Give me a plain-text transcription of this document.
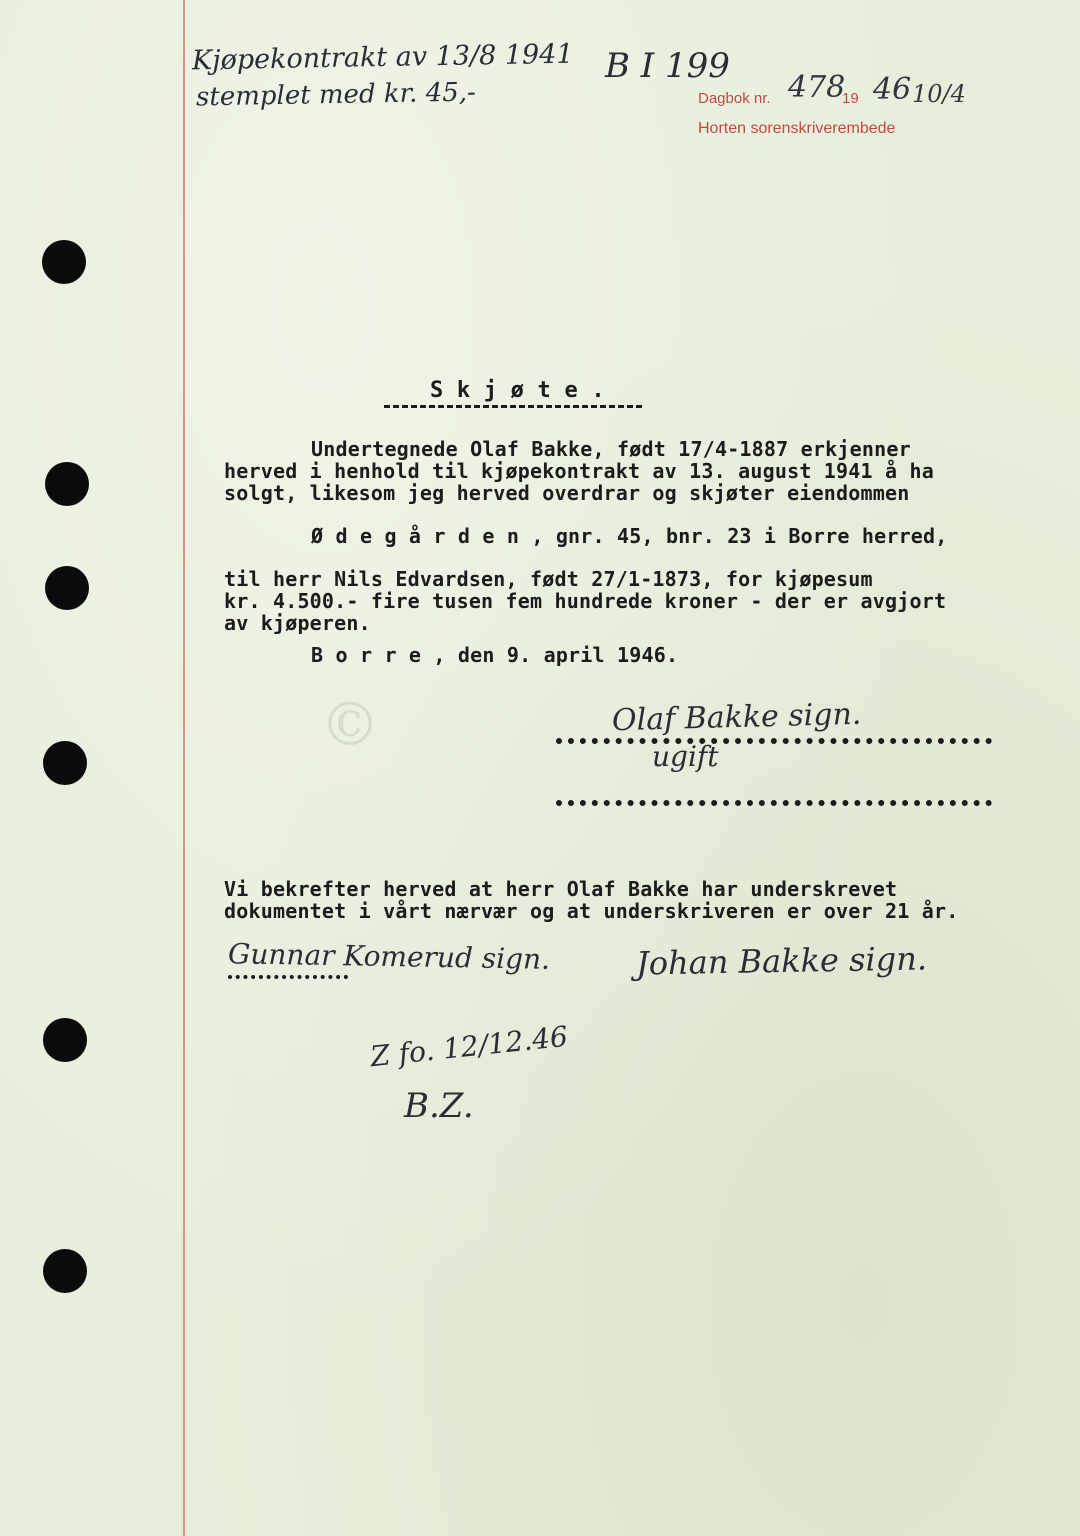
©
Kjøpekontrakt av 13/8 1941
stemplet med kr. 45,-
B I 199
Dagbok nr. 478
19 46 10/4
Horten sorenskriverembede
S k j ø t e .
Undertegnede Olaf Bakke, født 17/4-1887 erkjenner
herved i henhold til kjøpekontrakt av 13. august 1941 å ha
solgt, likesom jeg herved overdrar og skjøter eiendommen
Ø d e g å r d e n , gnr. 45, bnr. 23 i Borre herred,
til herr Nils Edvardsen, født 27/1-1873, for kjøpesum
kr. 4.500.- fire tusen fem hundrede kroner - der er avgjort
av kjøperen.
B o r r e , den 9. april 1946.
Olaf Bakke sign.
ugift
Vi bekrefter herved at herr Olaf Bakke har underskrevet
dokumentet i vårt nærvær og at underskriveren er over 21 år.
Gunnar Komerud sign.	Johan Bakke sign.
Z fo. 12/12.46
B.Z.
